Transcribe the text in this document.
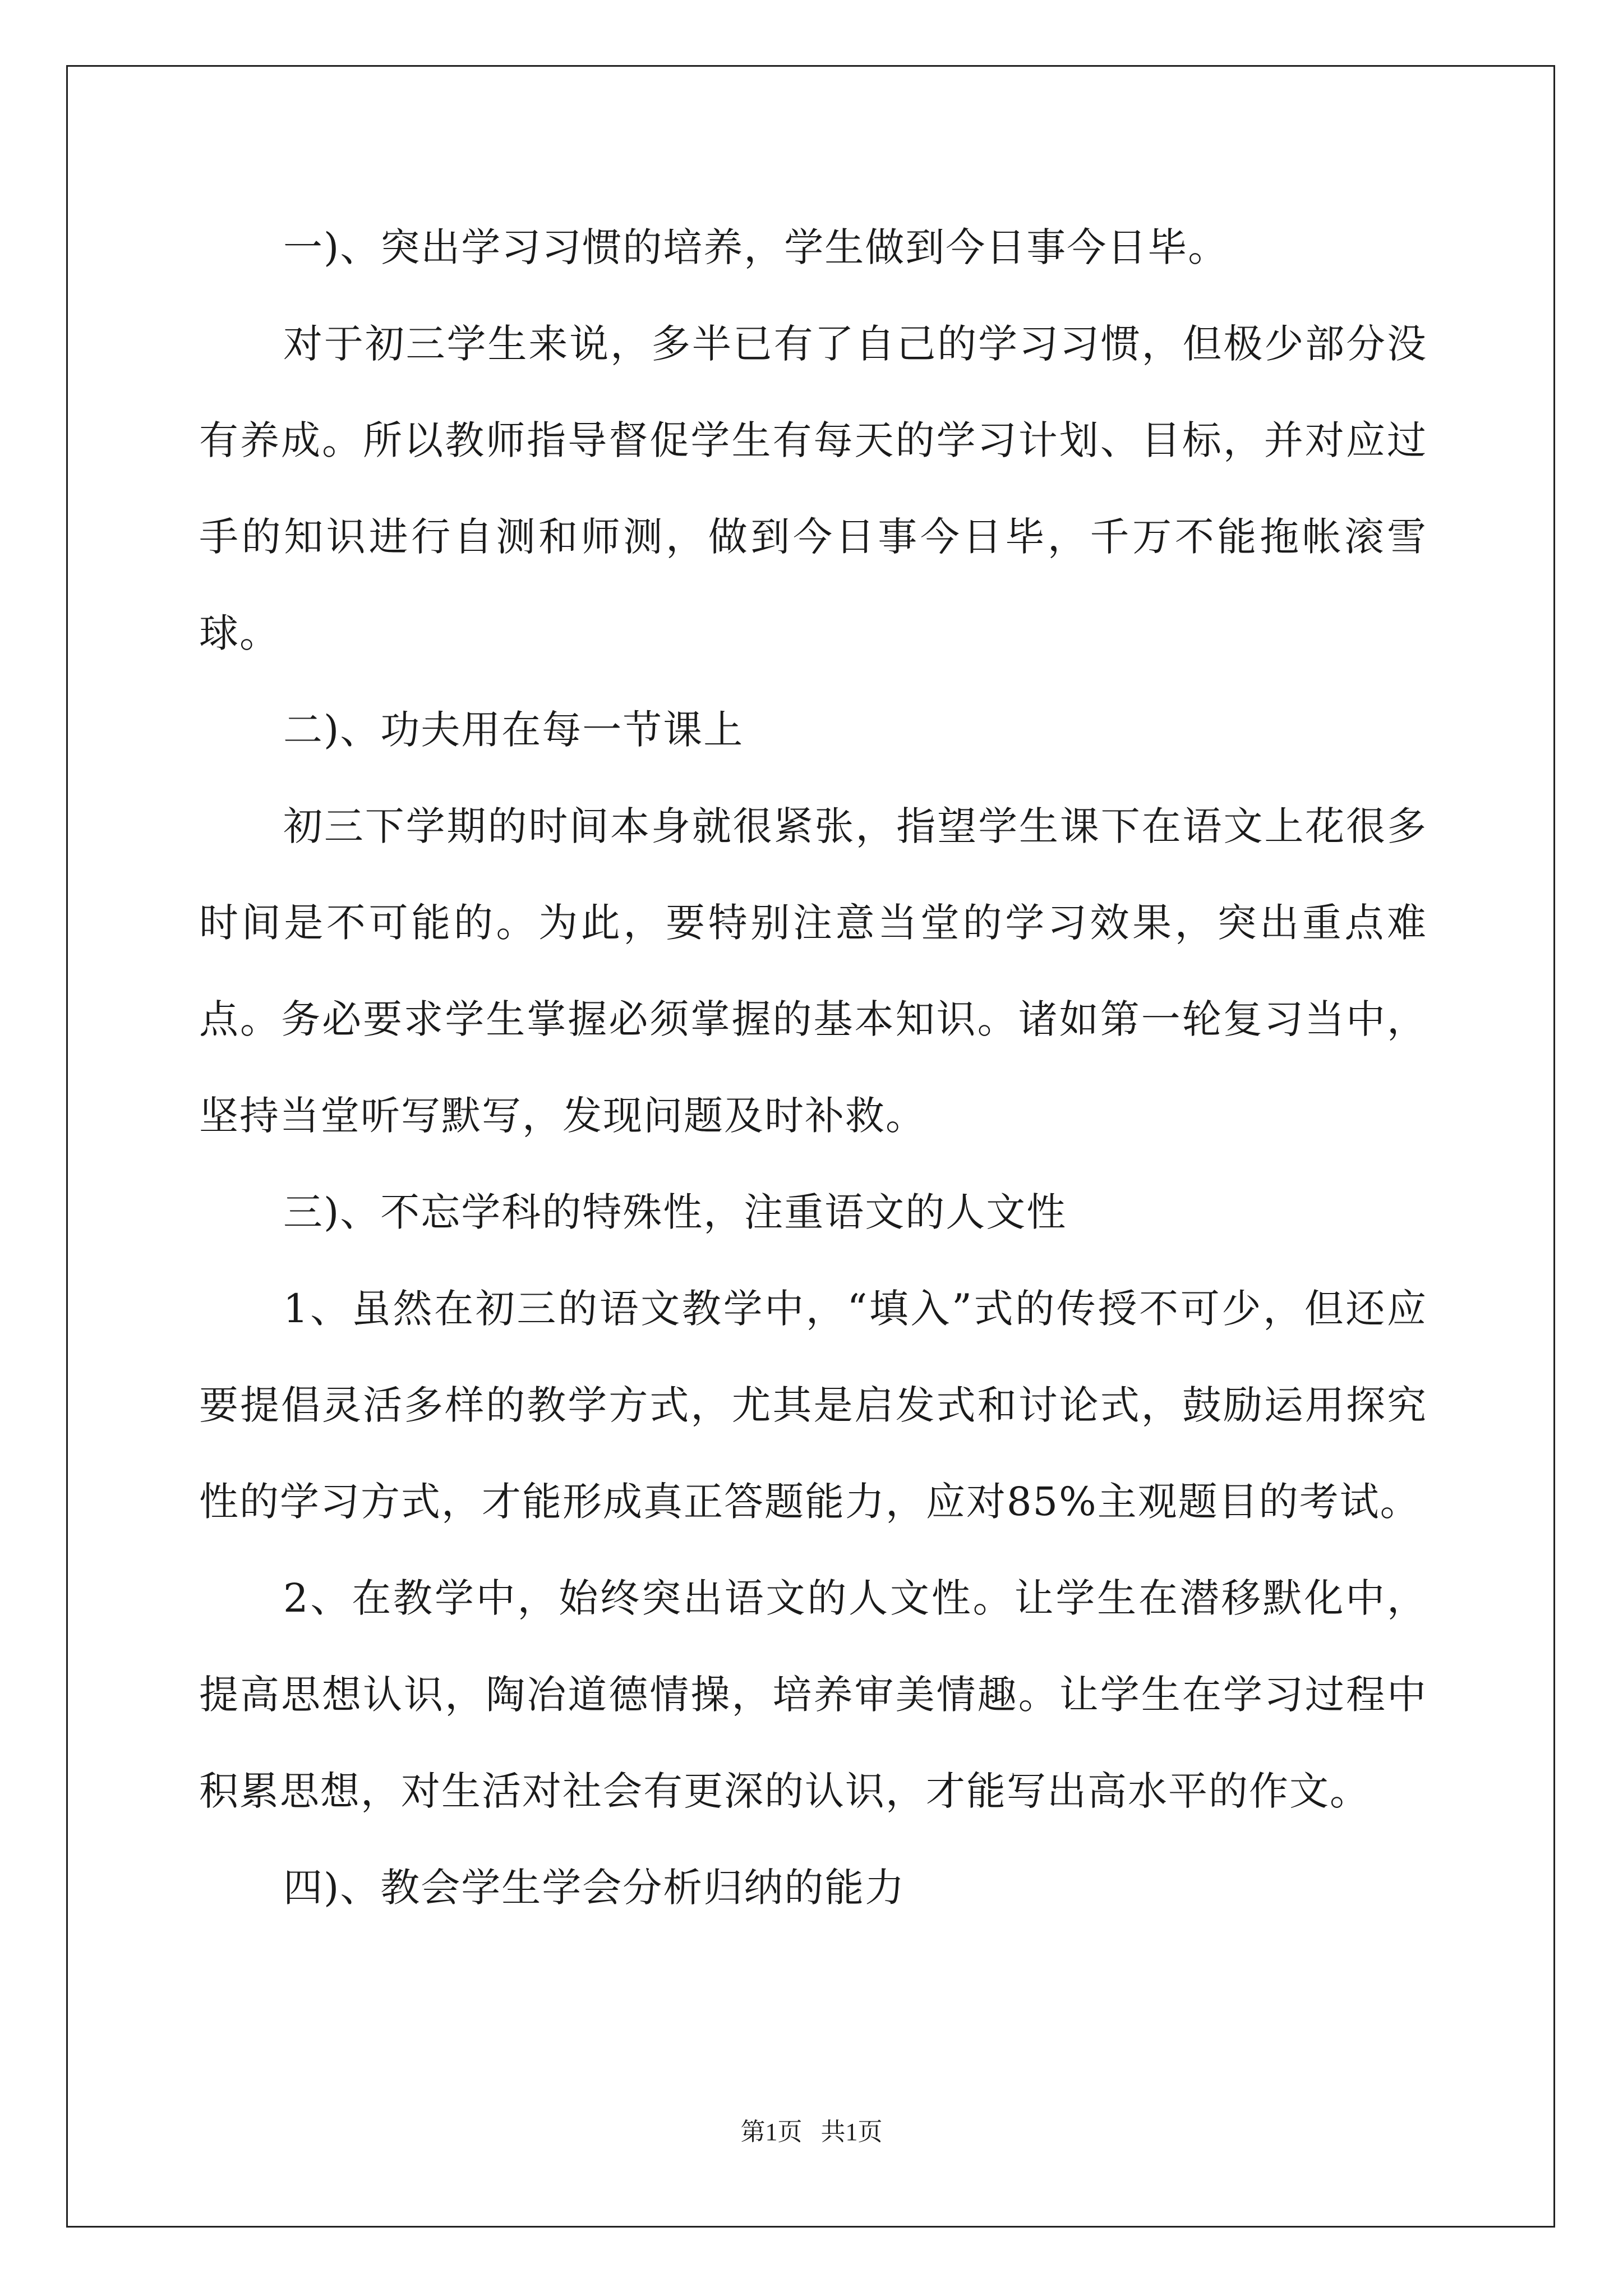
一)、突出学习习惯的培养，学生做到今日事今日毕。

对于初三学生来说，多半已有了自己的学习习惯，但极少部分没有养成。所以教师指导督促学生有每天的学习计划、目标，并对应过手的知识进行自测和师测，做到今日事今日毕，千万不能拖帐滚雪球。

二)、功夫用在每一节课上

初三下学期的时间本身就很紧张，指望学生课下在语文上花很多时间是不可能的。为此，要特别注意当堂的学习效果，突出重点难点。务必要求学生掌握必须掌握的基本知识。诸如第一轮复习当中，坚持当堂听写默写，发现问题及时补救。

三)、不忘学科的特殊性，注重语文的人文性

1、虽然在初三的语文教学中，“填入”式的传授不可少，但还应要提倡灵活多样的教学方式，尤其是启发式和讨论式，鼓励运用探究性的学习方式，才能形成真正答题能力，应对85%主观题目的考试。

2、在教学中，始终突出语文的人文性。让学生在潜移默化中，提高思想认识，陶冶道德情操，培养审美情趣。让学生在学习过程中积累思想，对生活对社会有更深的认识，才能写出高水平的作文。

四)、教会学生学会分析归纳的能力

第1页   共1页
